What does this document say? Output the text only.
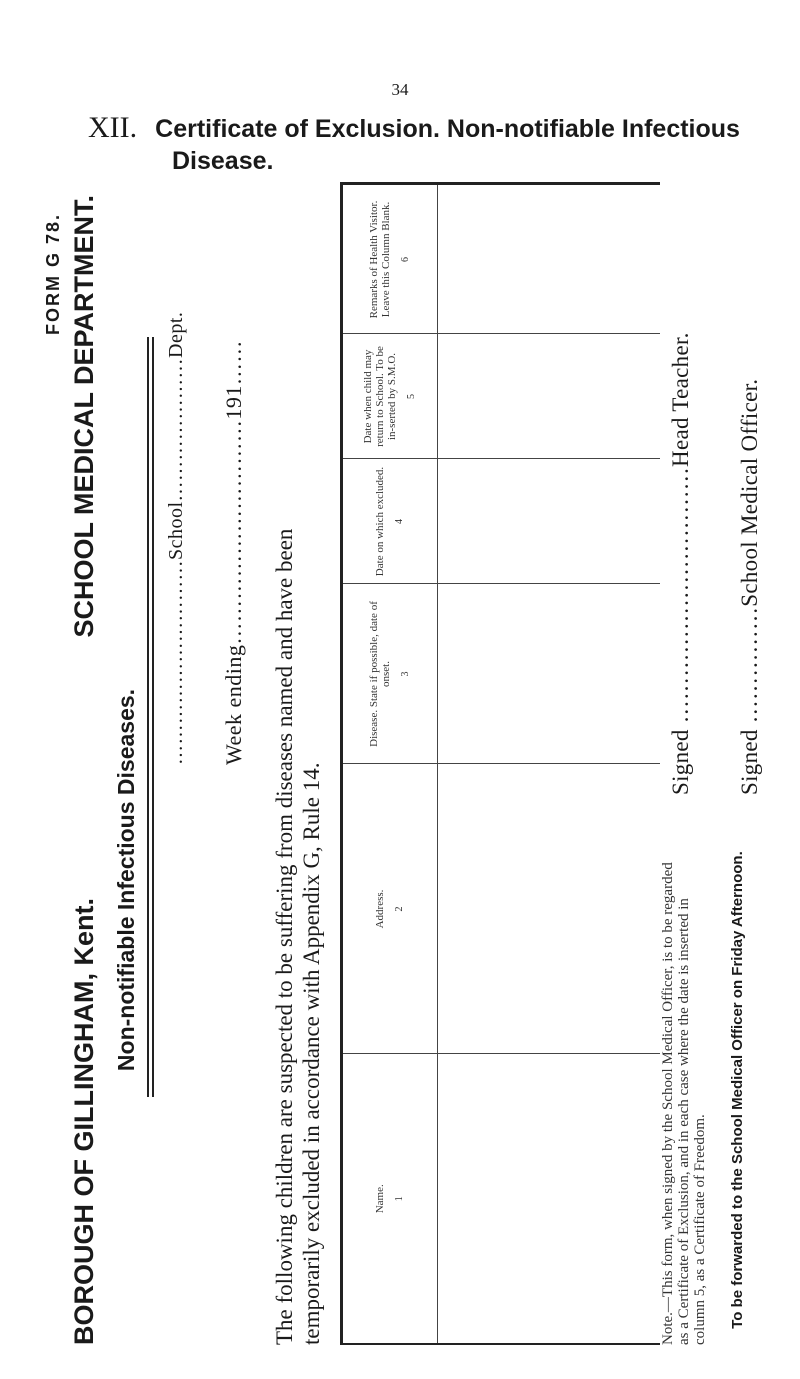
34
XII. Certificate of Exclusion. Non-notifiable Infectious
Disease.
FORM G 78.
BOROUGH OF GILLINGHAM, Kent.
SCHOOL MEDICAL DEPARTMENT.
Non-notifiable Infectious Diseases.
…………………………School…………………Dept. Week ending…………………………191…… The following children are suspected to be suffering from diseases named and have been temporarily excluded in accordance with Appendix G, Rule 14.	Name. 1	Address. 2	Disease. State if possible, date of onset. 3	Date on which excluded. 4	Date when child may return to School. To be in-serted by S.M.O. 5	Remarks of Health Visitor. Leave this Column Blank. 6

Note.—This form, when signed by the School Medical Officer, is to be regarded as a Certificate of Exclusion, and in each case where the date is inserted in column 5, as a Certificate of Freedom.
Signed ……………………………Head Teacher.
To be forwarded to the School Medical Officer on Friday Afternoon.
Signed ……………School Medical Officer.
